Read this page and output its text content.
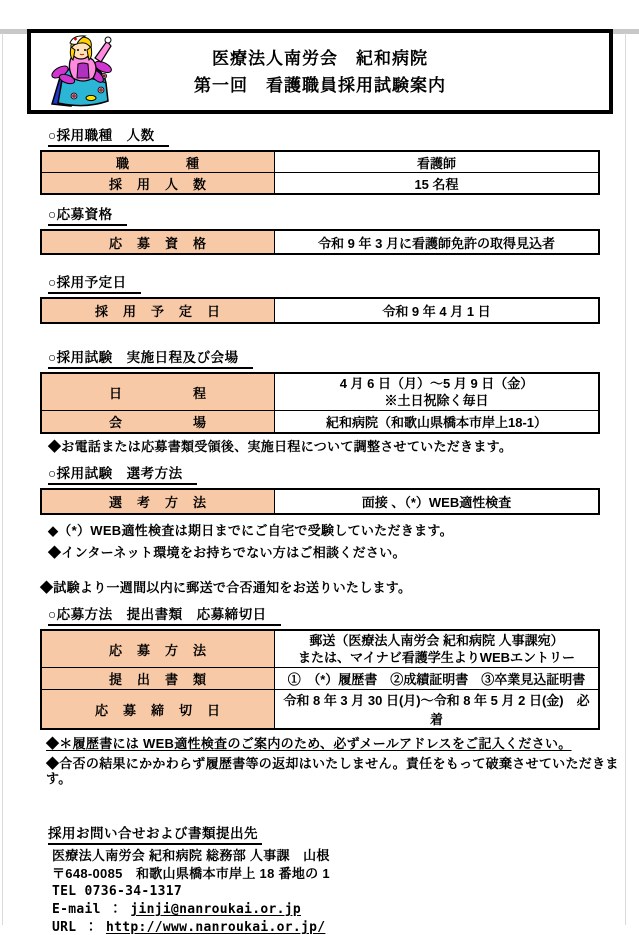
医療法人南労会　紀和病院
第一回　看護職員採用試験案内
○採用職種　人数
職　　　　種	看護師
採　用　人　数	15 名程
○応募資格
応　募　資　格	令和 9 年 3 月に看護師免許の取得見込者
○採用予定日
採　用　予　定　日	令和 9 年 4 月 1 日
○採用試験　実施日程及び会場
日　　　　　程	4 月 6 日（月）～5 月 9 日（金）
※土日祝除く毎日

会　　　　　場	紀和病院（和歌山県橋本市岸上18-1）
◆お電話または応募書類受領後、実施日程について調整させていただきます。
○採用試験　選考方法
選　考　方　法	面接 、（*）WEB適性検査
◆（*）WEB適性検査は期日までにご自宅で受験していただきます。
◆インターネット環境をお持ちでない方はご相談ください。
◆試験より一週間以内に郵送で合否通知をお送りいたします。
○応募方法　提出書類　応募締切日
応　募　方　法	郵送（医療法人南労会 紀和病院 人事課宛）
または、マイナビ看護学生よりWEBエントリー

提　出　書　類	①　（*）履歴書　②成績証明書　③卒業見込証明書
応　募　締　切　日	令和 8 年 3 月 30 日(月)～令和 8 年 5 月 2 日(金)　必着
◆＊履歴書には WEB適性検査のご案内のため、必ずメールアドレスをご記入ください。
◆合否の結果にかかわらず履歴書等の返却はいたしません。責任をもって破棄させていただきます。
採用お問い合せおよび書類提出先
医療法人南労会 紀和病院 総務部 人事課　山根
〒648-0085　和歌山県橋本市岸上 18 番地の 1
TEL 0736-34-1317
E-mail ： jinji@nanroukai.or.jp
URL ： http://www.nanroukai.or.jp/
